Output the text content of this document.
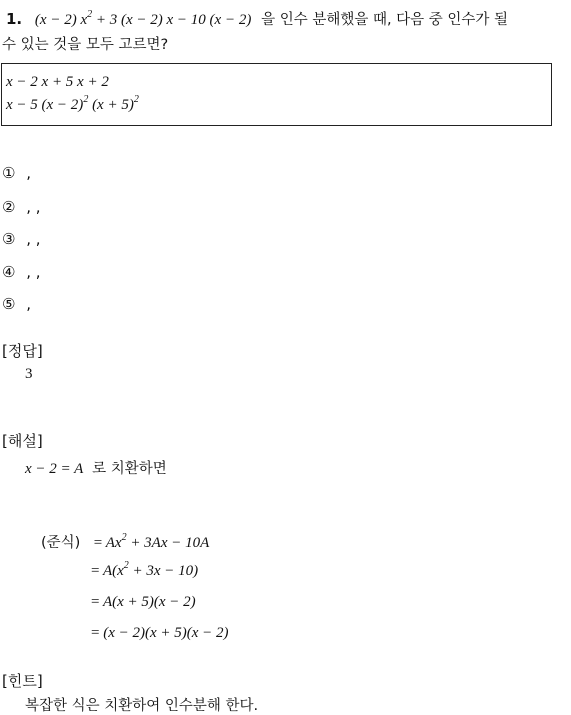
1. (x − 2) $x^2 + 3$ (x − 2) x − 10 (x − 2) 을 인수 분해했을 때, 다음 중 인수가 될
수 있는 것을 모두 고르면?
x − 2 x + 5 x + 2
x − 5 $(x - 2)^2$ $(x + 5)^2$
① ,
② , ,
③ , ,
④ , ,
⑤ ,
[정답]
3
[해설]
x − 2 = A 로 치환하면
(준식) = $Ax^2 + 3Ax - 10A$
= $A(x^2 + 3x - 10)$
= A(x + 5)(x − 2)
= (x − 2)(x + 5)(x − 2)
[힌트]
복잡한 식은 치환하여 인수분해 한다.
